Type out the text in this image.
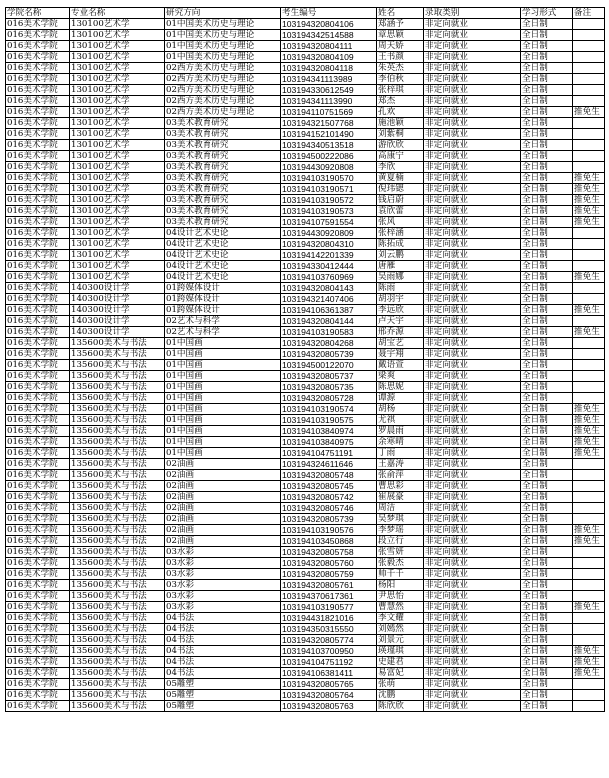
学院名称	专业名称	研究方向	考生编号	姓名	录取类别	学习形式	备注
016美术学院	130100艺术学	01中国美术历史与理论	103194320804106	郑涵予	非定向就业	全日制	
016美术学院	130100艺术学	01中国美术历史与理论	103194342514588	章思颖	非定向就业	全日制	
016美术学院	130100艺术学	01中国美术历史与理论	103194320804111	周天娇	非定向就业	全日制	
016美术学院	130100艺术学	01中国美术历史与理论	103194320804109	王书颜	非定向就业	全日制	
016美术学院	130100艺术学	02西方美术历史与理论	103194320804118	朱英杰	非定向就业	全日制	
016美术学院	130100艺术学	02西方美术历史与理论	103194341113989	李伯秋	非定向就业	全日制	
016美术学院	130100艺术学	02西方美术历史与理论	103194330612549	张梓琪	非定向就业	全日制	
016美术学院	130100艺术学	02西方美术历史与理论	103194341113990	郑杰	非定向就业	全日制	
016美术学院	130100艺术学	02西方美术历史与理论	103194110751569	孔欢	非定向就业	全日制	推免生
016美术学院	130100艺术学	03美术教育研究	103194321507768	施池颖	非定向就业	全日制	
016美术学院	130100艺术学	03美术教育研究	103194152101490	刘紫桐	非定向就业	全日制	
016美术学院	130100艺术学	03美术教育研究	103194340513518	游欣欣	非定向就业	全日制	
016美术学院	130100艺术学	03美术教育研究	103194500222086	高康宁	非定向就业	全日制	
016美术学院	130100艺术学	03美术教育研究	103194430920808	李欣	非定向就业	全日制	
016美术学院	130100艺术学	03美术教育研究	103194103190570	黄夏楠	非定向就业	全日制	推免生
016美术学院	130100艺术学	03美术教育研究	103194103190571	倪玮锶	非定向就业	全日制	推免生
016美术学院	130100艺术学	03美术教育研究	103194103190572	钱启蔚	非定向就业	全日制	推免生
016美术学院	130100艺术学	03美术教育研究	103194103190573	袁欣蕾	非定向就业	全日制	推免生
016美术学院	130100艺术学	03美术教育研究	103194107591554	张风	非定向就业	全日制	推免生
016美术学院	130100艺术学	04设计艺术史论	103194430920809	张梓涵	非定向就业	全日制	
016美术学院	130100艺术学	04设计艺术史论	103194320804310	陈拓成	非定向就业	全日制	
016美术学院	130100艺术学	04设计艺术史论	103194142201339	刘云鹏	非定向就业	全日制	
016美术学院	130100艺术学	04设计艺术史论	103194330412444	唐雁	非定向就业	全日制	
016美术学院	130100艺术学	04设计艺术史论	103194103760969	吴雨娜	非定向就业	全日制	推免生
016美术学院	140300设计学	01跨媒体设计	103194320804143	陈雨	非定向就业	全日制	
016美术学院	140300设计学	01跨媒体设计	103194321407406	胡羽宇	非定向就业	全日制	
016美术学院	140300设计学	01跨媒体设计	103194106361387	李远欣	非定向就业	全日制	推免生
016美术学院	140300设计学	02艺术与科学	103194320804144	卢天宇	非定向就业	全日制	
016美术学院	140300设计学	02艺术与科学	103194103190583	邢乔源	非定向就业	全日制	推免生
016美术学院	135600美术与书法	01中国画	103194320804268	胡宝艺	非定向就业	全日制	
016美术学院	135600美术与书法	01中国画	103194320805739	聂宇翔	非定向就业	全日制	
016美术学院	135600美术与书法	01中国画	103194500122070	戴语萱	非定向就业	全日制	
016美术学院	135600美术与书法	01中国画	103194320805737	梁爽	非定向就业	全日制	
016美术学院	135600美术与书法	01中国画	103194320805735	陈思妮	非定向就业	全日制	
016美术学院	135600美术与书法	01中国画	103194320805728	谭源	非定向就业	全日制	
016美术学院	135600美术与书法	01中国画	103194103190574	胡杨	非定向就业	全日制	推免生
016美术学院	135600美术与书法	01中国画	103194103190575	尤祺	非定向就业	全日制	推免生
016美术学院	135600美术与书法	01中国画	103194103840974	罗晨雨	非定向就业	全日制	推免生
016美术学院	135600美术与书法	01中国画	103194103840975	余寒晴	非定向就业	全日制	推免生
016美术学院	135600美术与书法	01中国画	103194104751191	丁雨	非定向就业	全日制	推免生
016美术学院	135600美术与书法	02油画	103194324611646	王嘉涛	非定向就业	全日制	
016美术学院	135600美术与书法	02油画	103194320805748	张俞萍	非定向就业	全日制	
016美术学院	135600美术与书法	02油画	103194320805745	曹思彩	非定向就业	全日制	
016美术学院	135600美术与书法	02油画	103194320805742	崔展豪	非定向就业	全日制	
016美术学院	135600美术与书法	02油画	103194320805746	周洁	非定向就业	全日制	
016美术学院	135600美术与书法	02油画	103194320805739	吴梦琪	非定向就业	全日制	
016美术学院	135600美术与书法	02油画	103194103190576	李梦瑶	非定向就业	全日制	推免生
016美术学院	135600美术与书法	02油画	103194103450868	段立行	非定向就业	全日制	推免生
016美术学院	135600美术与书法	03水彩	103194320805758	张雪妍	非定向就业	全日制	
016美术学院	135600美术与书法	03水彩	103194320805760	张毅杰	非定向就业	全日制	
016美术学院	135600美术与书法	03水彩	103194320805759	帅千千	非定向就业	全日制	
016美术学院	135600美术与书法	03水彩	103194320805761	杨阳	非定向就业	全日制	
016美术学院	135600美术与书法	03水彩	103194370617361	尹思怡	非定向就业	全日制	
016美术学院	135600美术与书法	03水彩	103194103190577	曹慧然	非定向就业	全日制	推免生
016美术学院	135600美术与书法	04书法	103194431821016	李文耀	非定向就业	全日制	
016美术学院	135600美术与书法	04书法	103194350315550	刘嫣然	非定向就业	全日制	
016美术学院	135600美术与书法	04书法	103194320805774	刘景元	非定向就业	全日制	
016美术学院	135600美术与书法	04书法	103194103700950	瑛瑾琪	非定向就业	全日制	推免生
016美术学院	135600美术与书法	04书法	103194104751192	史建君	非定向就业	全日制	推免生
016美术学院	135600美术与书法	04书法	103194106381411	易富妃	非定向就业	全日制	推免生
016美术学院	135600美术与书法	05雕塑	103194320805765	张萌	非定向就业	全日制	
016美术学院	135600美术与书法	05雕塑	103194320805764	沈鹏	非定向就业	全日制	
016美术学院	135600美术与书法	05雕塑	103194320805763	陈欣欣	非定向就业	全日制	
